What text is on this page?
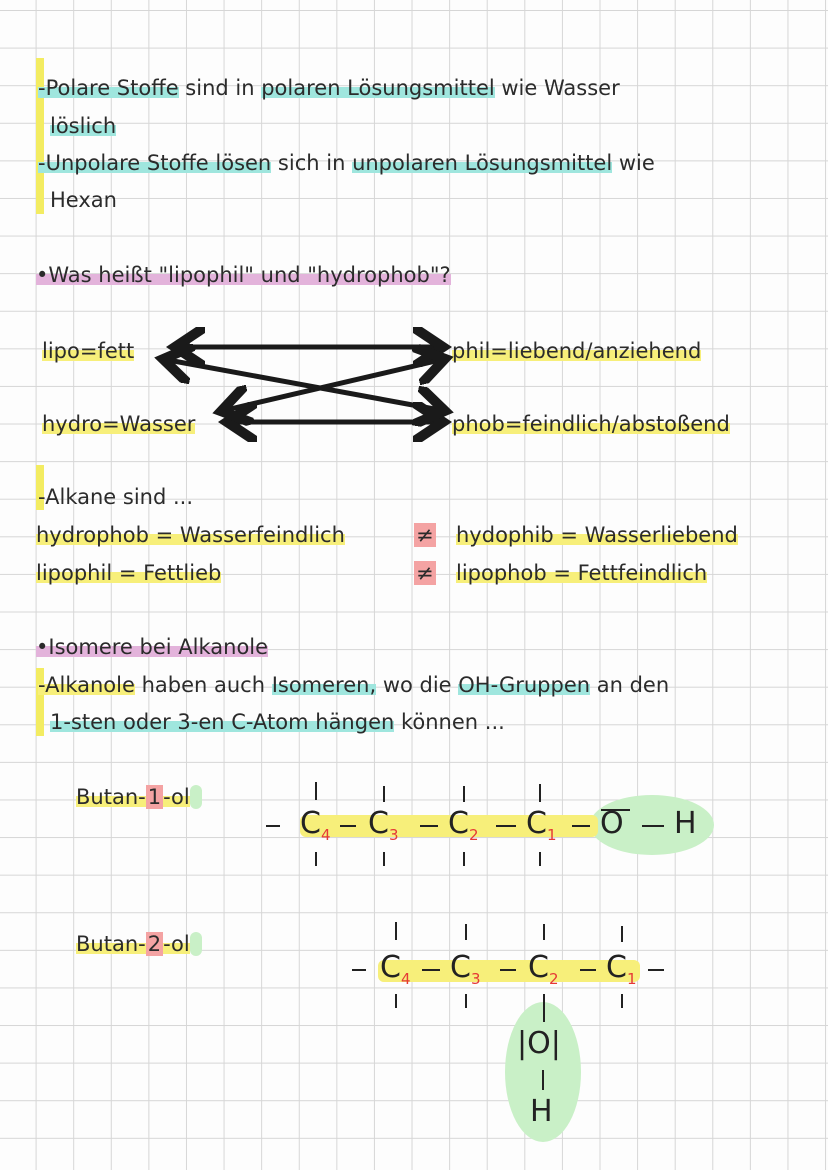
-Polare Stoffe sind in polaren Lösungsmittel wie Wasser
löslich
-Unpolare Stoffe lösen sich in unpolaren Lösungsmittel wie
Hexan
•Was heißt "lipophil" und "hydrophob"?
lipo=fett
hydro=Wasser
phil=liebend/anziehend
phob=feindlich/abstoßend
-Alkane sind ...
hydrophob = Wasserfeindlich	≠ hydophib = Wasserliebend
lipophil = Fettlieb	≠ lipophob = Fettfeindlich
•Isomere bei Alkanole
-Alkanole haben auch Isomeren, wo die OH-Gruppen an den
1-sten oder 3-en C-Atom hängen können ...
Butan-1-ol
$C_4$ $C_3$ $C_2$ $C_1$ O H
Butan-2-ol
$C_4$ $C_3$ $C_2$ $C_1$
|O|
H
